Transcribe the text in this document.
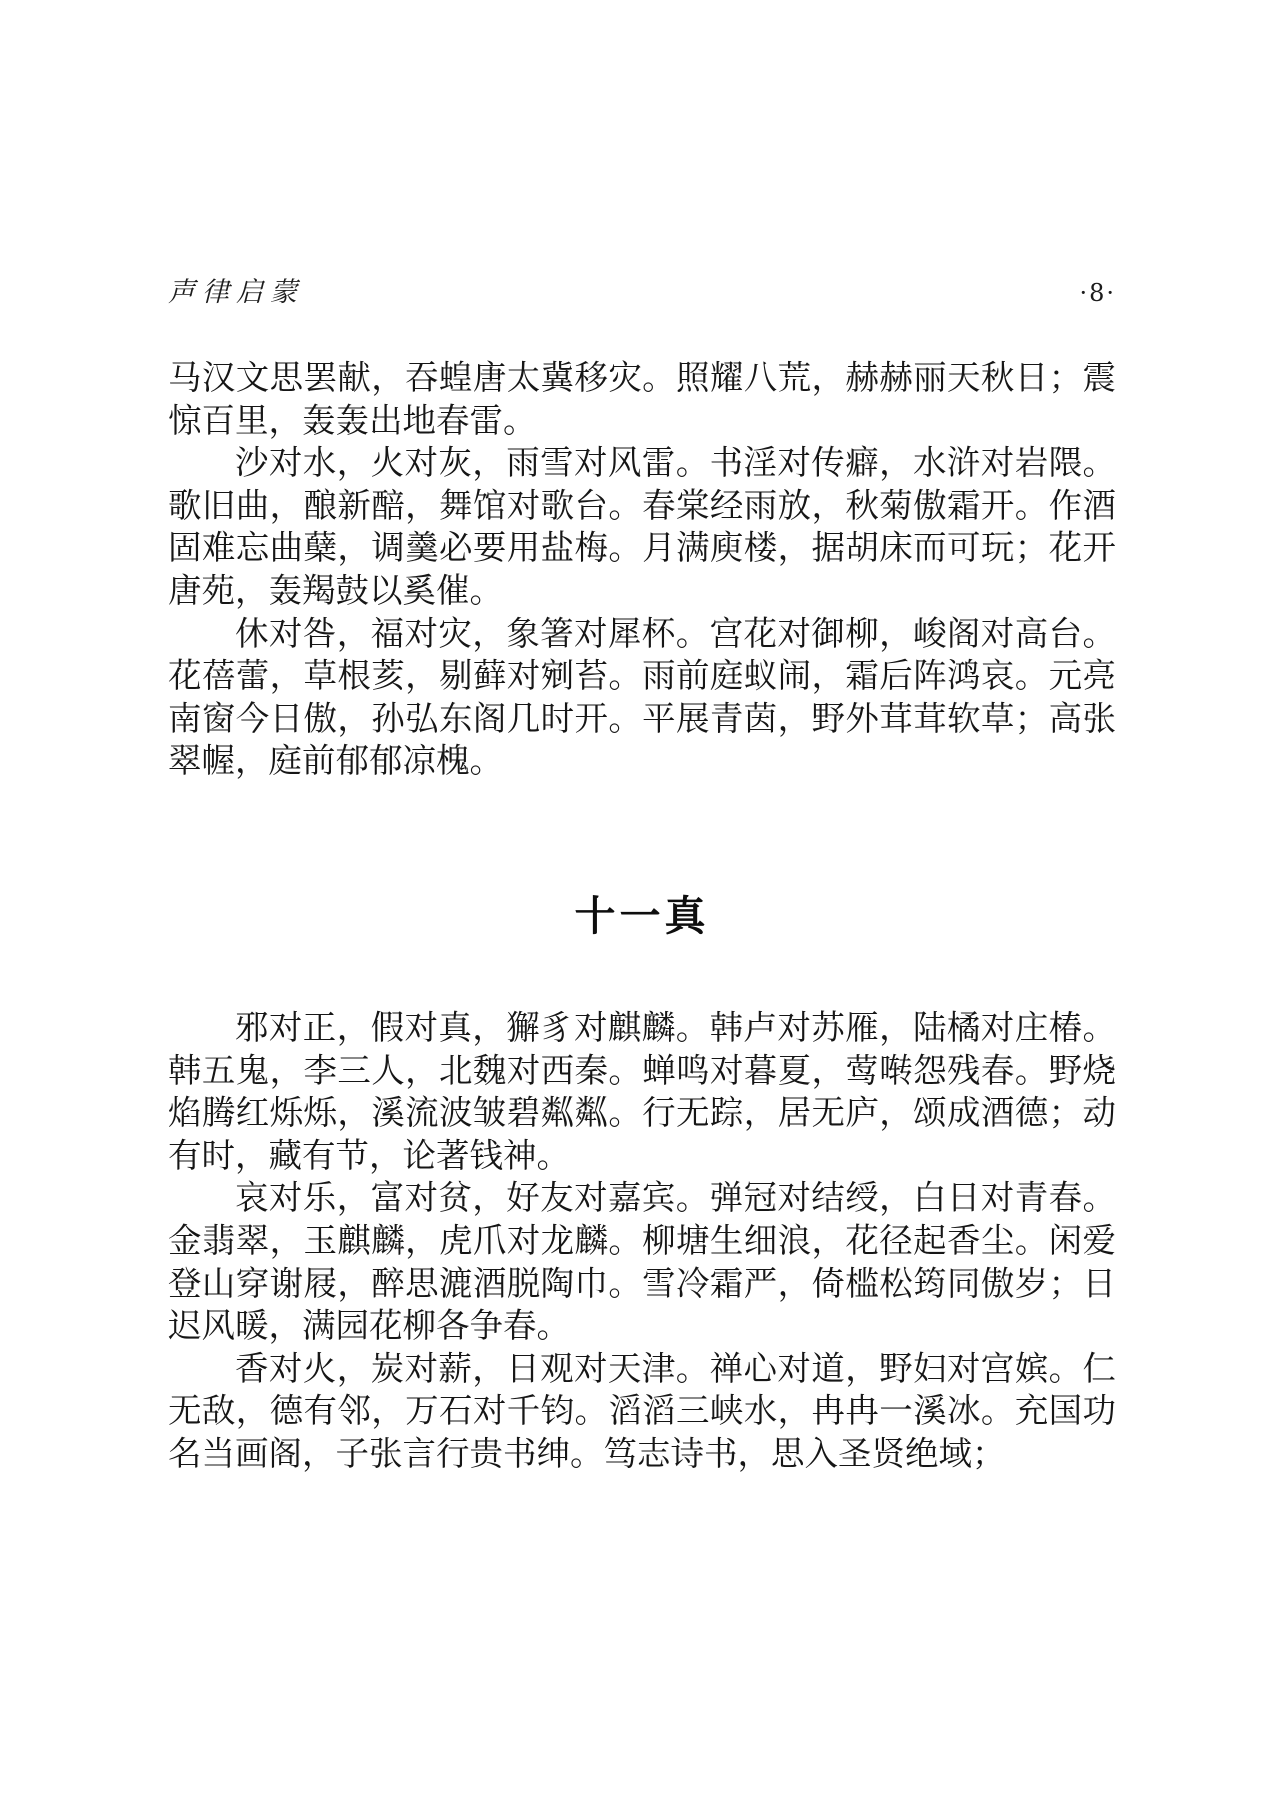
声律启蒙	·8·

马汉文思罢献，吞蝗唐太冀移灾。照耀八荒，赫赫丽天秋日；震惊百里，轰轰出地春雷。

沙对水，火对灰，雨雪对风雷。书淫对传癖，水浒对岩隈。歌旧曲，酿新醅，舞馆对歌台。春棠经雨放，秋菊傲霜开。作酒固难忘曲蘖，调羹必要用盐梅。月满庾楼，据胡床而可玩；花开唐苑，轰羯鼓以奚催。

休对咎，福对灾，象箸对犀杯。宫花对御柳，峻阁对高台。花蓓蕾，草根荄，剔藓对剜苔。雨前庭蚁闹，霜后阵鸿哀。元亮南窗今日傲，孙弘东阁几时开。平展青茵，野外茸茸软草；高张翠幄，庭前郁郁凉槐。

十一真

邪对正，假对真，獬豸对麒麟。韩卢对苏雁，陆橘对庄椿。韩五鬼，李三人，北魏对西秦。蝉鸣对暮夏，莺啭怨残春。野烧焰腾红烁烁，溪流波皱碧粼粼。行无踪，居无庐，颂成酒德；动有时，藏有节，论著钱神。

哀对乐，富对贫，好友对嘉宾。弹冠对结绶，白日对青春。金翡翠，玉麒麟，虎爪对龙麟。柳塘生细浪，花径起香尘。闲爱登山穿谢屐，醉思漉酒脱陶巾。雪冷霜严，倚槛松筠同傲岁；日迟风暖，满园花柳各争春。

香对火，炭对薪，日观对天津。禅心对道，野妇对宫嫔。仁无敌，德有邻，万石对千钧。滔滔三峡水，冉冉一溪冰。充国功名当画阁，子张言行贵书绅。笃志诗书，思入圣贤绝域；
